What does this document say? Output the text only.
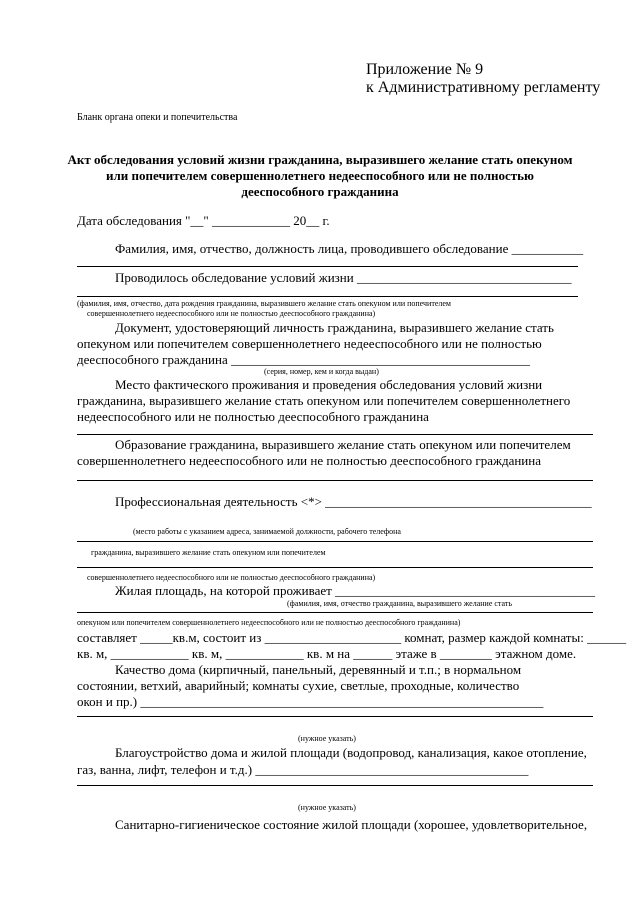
Приложение № 9
к Административному регламенту
Бланк органа опеки и попечительства
Акт обследования условий жизни гражданина, выразившего желание стать опекуном
или попечителем совершеннолетнего недееспособного или не полностью
дееспособного гражданина
Дата обследования "__" ____________ 20__ г.
Фамилия, имя, отчество, должность лица, проводившего обследование ___________
Проводилось обследование условий жизни _________________________________
(фамилия, имя, отчество, дата рождения гражданина, выразившего желание стать опекуном или попечителем
совершеннолетнего недееспособного или не полностью дееспособного гражданина)
Документ, удостоверяющий личность гражданина, выразившего желание стать
опекуном или попечителем совершеннолетнего недееспособного или не полностью
дееспособного гражданина ______________________________________________
(серия, номер, кем и когда выдан)
Место фактического проживания и проведения обследования условий жизни
гражданина, выразившего желание стать опекуном или попечителем совершеннолетнего
недееспособного или не полностью дееспособного гражданина
Образование гражданина, выразившего желание стать опекуном или попечителем
совершеннолетнего недееспособного или не полностью дееспособного гражданина
Профессиональная деятельность <*> _________________________________________
(место работы с указанием адреса, занимаемой должности, рабочего телефона
гражданина, выразившего желание стать опекуном или попечителем
совершеннолетнего недееспособного или не полностью дееспособного гражданина)
Жилая площадь, на которой проживает ________________________________________
(фамилия, имя, отчество гражданина, выразившего желание стать
опекуном или попечителем совершеннолетнего недееспособного или не полностью дееспособного гражданина)
составляет _____кв.м, состоит из _____________________ комнат, размер каждой комнаты: ______
кв. м, ____________ кв. м, ____________ кв. м на ______ этаже в ________ этажном доме.
Качество дома (кирпичный, панельный, деревянный и т.п.; в нормальном
состоянии, ветхий, аварийный; комнаты сухие, светлые, проходные, количество
окон и пр.) ______________________________________________________________
(нужное указать)
Благоустройство дома и жилой площади (водопровод, канализация, какое отопление,
газ, ванна, лифт, телефон и т.д.) __________________________________________
(нужное указать)
Санитарно-гигиеническое состояние жилой площади (хорошее, удовлетворительное,
